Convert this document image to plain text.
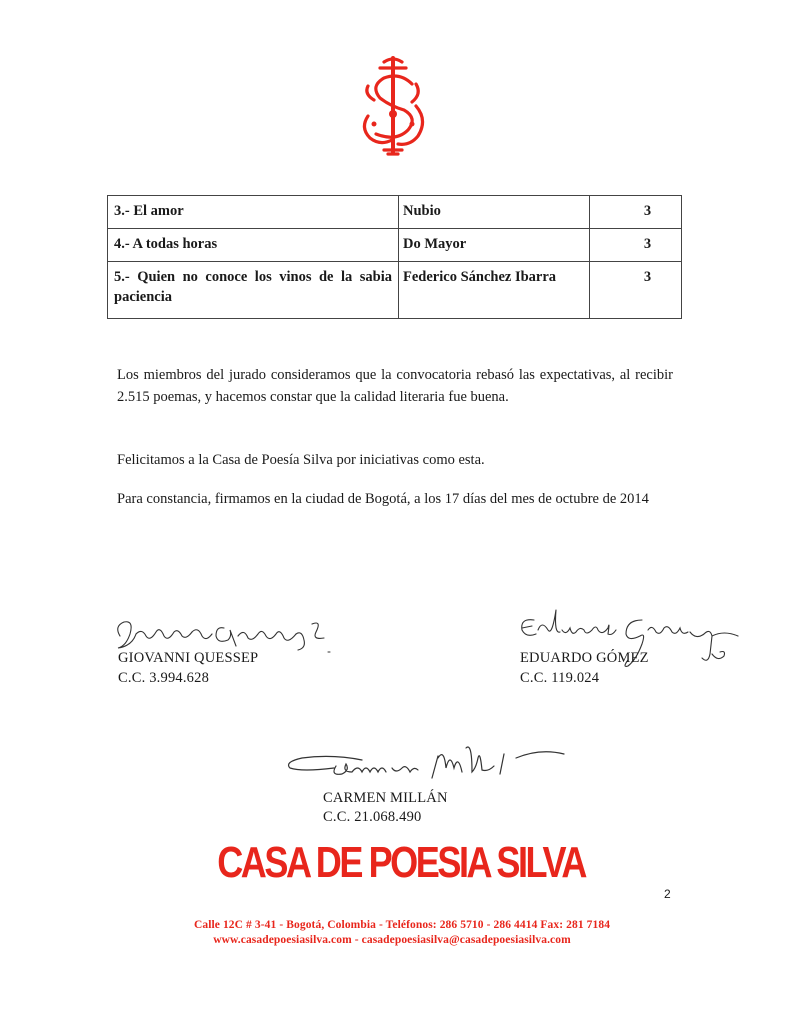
3.- El amor	Nubio	3
4.- A todas horas	Do Mayor	3
5.- Quien no conoce los vinos de la sabia paciencia	Federico Sánchez Ibarra	3
Los miembros del jurado consideramos que la convocatoria rebasó las expectativas, al recibir 2.515 poemas, y hacemos constar que la calidad literaria fue buena.
Felicitamos a la Casa de Poesía Silva por iniciativas como esta.
Para constancia, firmamos en la ciudad de Bogotá, a los 17 días del mes de octubre de 2014
GIOVANNI QUESSEP
C.C. 3.994.628
EDUARDO GÓMEZ
C.C. 119.024
CARMEN MILLÁN
C.C. 21.068.490
CASA DE POESIA SILVA
2
Calle 12C # 3-41 - Bogotá, Colombia - Teléfonos: 286 5710 - 286 4414 Fax: 281 7184
www.casadepoesiasilva.com - casadepoesiasilva@casadepoesiasilva.com
